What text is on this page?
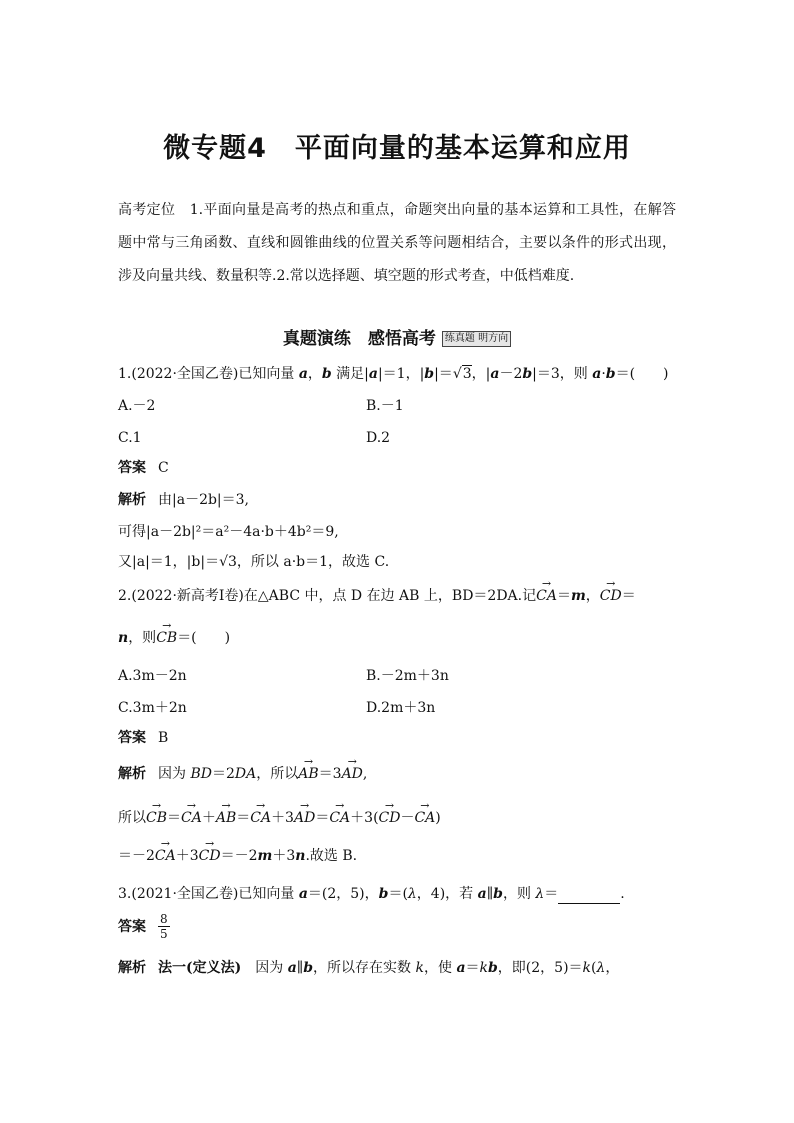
微专题4　平面向量的基本运算和应用
高考定位　 1.平面向量是高考的热点和重点，命题突出向量的基本运算和工具性，在解答题中常与三角函数、直线和圆锥曲线的位置关系等问题相结合，主要以条件的形式出现，涉及向量共线、数量积等.2.常以选择题、填空题的形式考查，中低档难度.
真题演练　感悟高考 练真题 明方向
1.(2022·全国乙卷)已知向量 a，b 满足|a|＝1，|b|＝√3，|a－2b|＝3，则 a·b＝(　　)
A.－2	B.－1
C.1	D.2
答案 C
解析 由|a－2b|＝3,
可得|a－2b|²＝a²－4a·b＋4b²＝9,
又|a|＝1，|b|＝√3，所以 a·b＝1，故选 C.
2.(2022·新高考Ⅰ卷)在△ABC 中，点 D 在边 AB 上，BD＝2DA.记→ CA＝m，→ CD＝
n，则→ CB＝(　　)
A.3m－2n	B.－2m＋3n
C.3m＋2n	D.2m＋3n
答案 B
解析 因为 BD＝2DA，所以→ AB＝3→ AD,
所以→ CB＝→ CA＋→ AB＝→ CA＋3→ AD＝→ CA＋3(→ CD－→ CA)
＝－2→ CA＋3→ CD＝－2m＋3n.故选 B.
3.(2021·全国乙卷)已知向量 a＝(2，5)，b＝(λ，4)，若 a∥b，则 λ＝	.
答案 $\frac{8}{5}$
解析 法一(定义法)　因为 a∥b，所以存在实数 k，使 a＝kb，即(2，5)＝k(λ，
